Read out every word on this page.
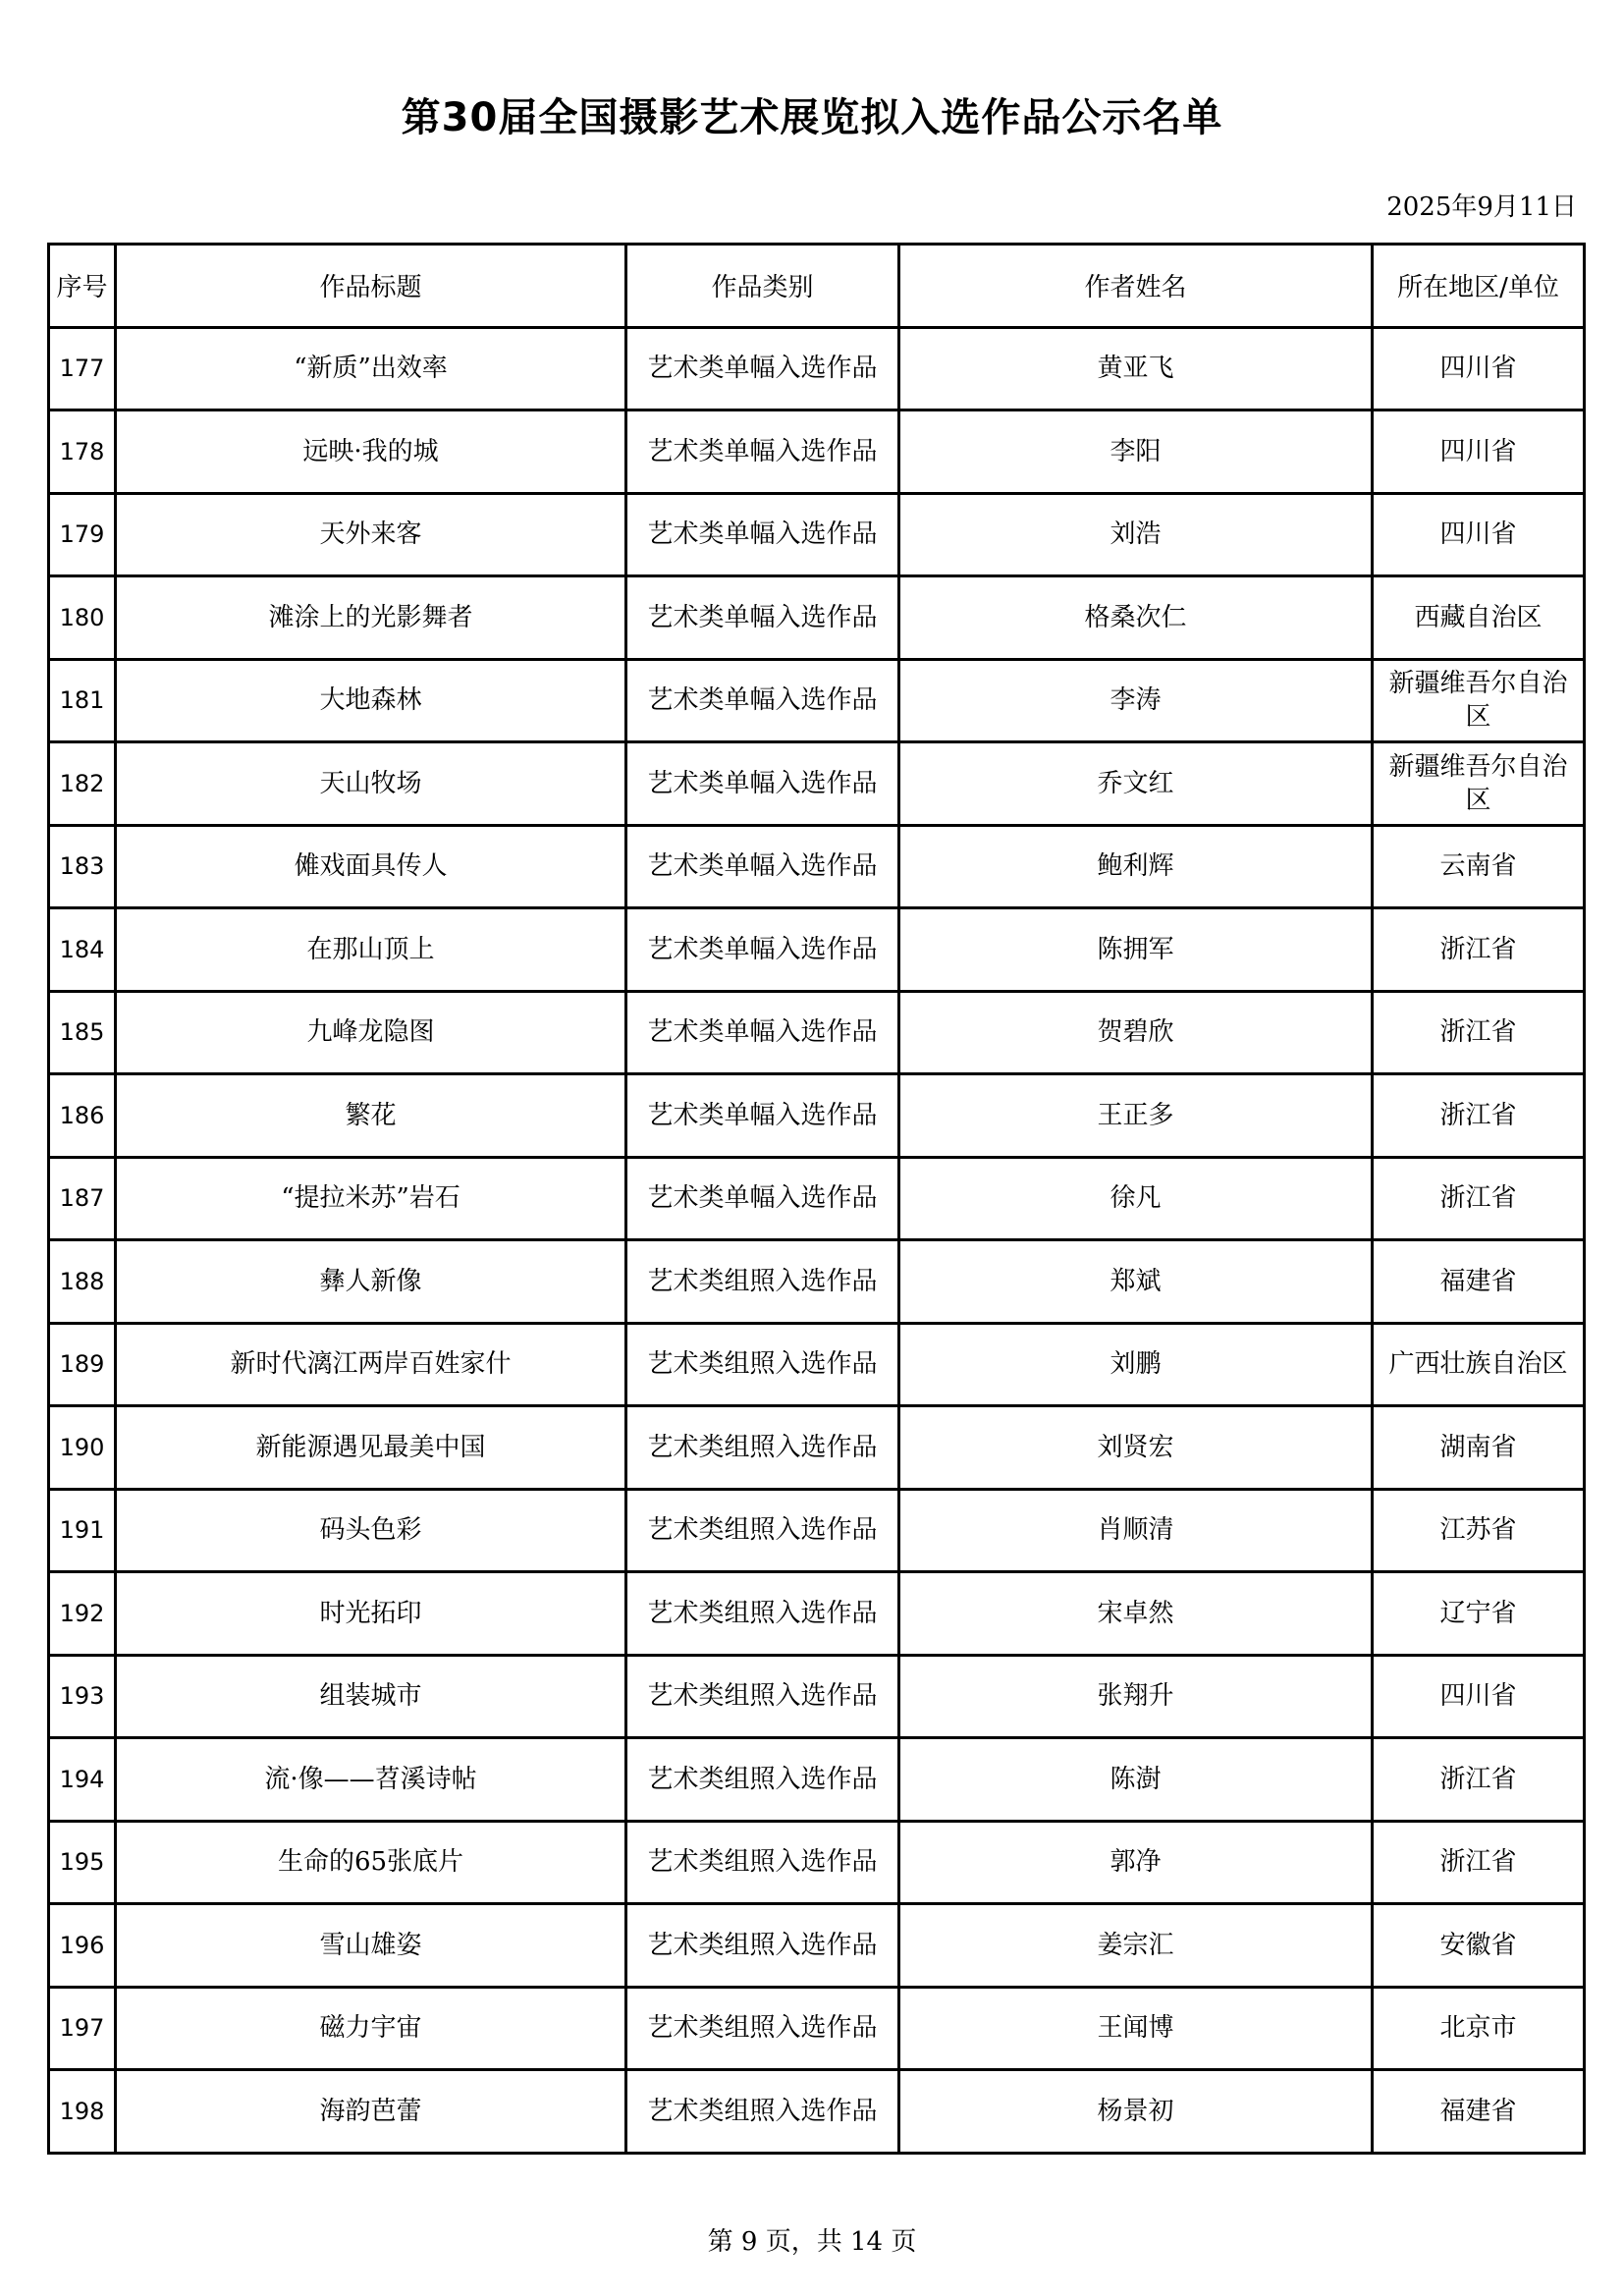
第30届全国摄影艺术展览拟入选作品公示名单
2025年9月11日
序号	作品标题	作品类别	作者姓名	所在地区/单位
177	“新质”出效率	艺术类单幅入选作品	黄亚飞	四川省
178	远映·我的城	艺术类单幅入选作品	李阳	四川省
179	天外来客	艺术类单幅入选作品	刘浩	四川省
180	滩涂上的光影舞者	艺术类单幅入选作品	格桑次仁	西藏自治区
181	大地森林	艺术类单幅入选作品	李涛	新疆维吾尔自治区
182	天山牧场	艺术类单幅入选作品	乔文红	新疆维吾尔自治区
183	傩戏面具传人	艺术类单幅入选作品	鲍利辉	云南省
184	在那山顶上	艺术类单幅入选作品	陈拥军	浙江省
185	九峰龙隐图	艺术类单幅入选作品	贺碧欣	浙江省
186	繁花	艺术类单幅入选作品	王正多	浙江省
187	“提拉米苏”岩石	艺术类单幅入选作品	徐凡	浙江省
188	彝人新像	艺术类组照入选作品	郑斌	福建省
189	新时代漓江两岸百姓家什	艺术类组照入选作品	刘鹏	广西壮族自治区
190	新能源遇见最美中国	艺术类组照入选作品	刘贤宏	湖南省
191	码头色彩	艺术类组照入选作品	肖顺清	江苏省
192	时光拓印	艺术类组照入选作品	宋卓然	辽宁省
193	组装城市	艺术类组照入选作品	张翔升	四川省
194	流·像——苕溪诗帖	艺术类组照入选作品	陈澍	浙江省
195	生命的65张底片	艺术类组照入选作品	郭净	浙江省
196	雪山雄姿	艺术类组照入选作品	姜宗汇	安徽省
197	磁力宇宙	艺术类组照入选作品	王闻博	北京市
198	海韵芭蕾	艺术类组照入选作品	杨景初	福建省
第 9 页，共 14 页
